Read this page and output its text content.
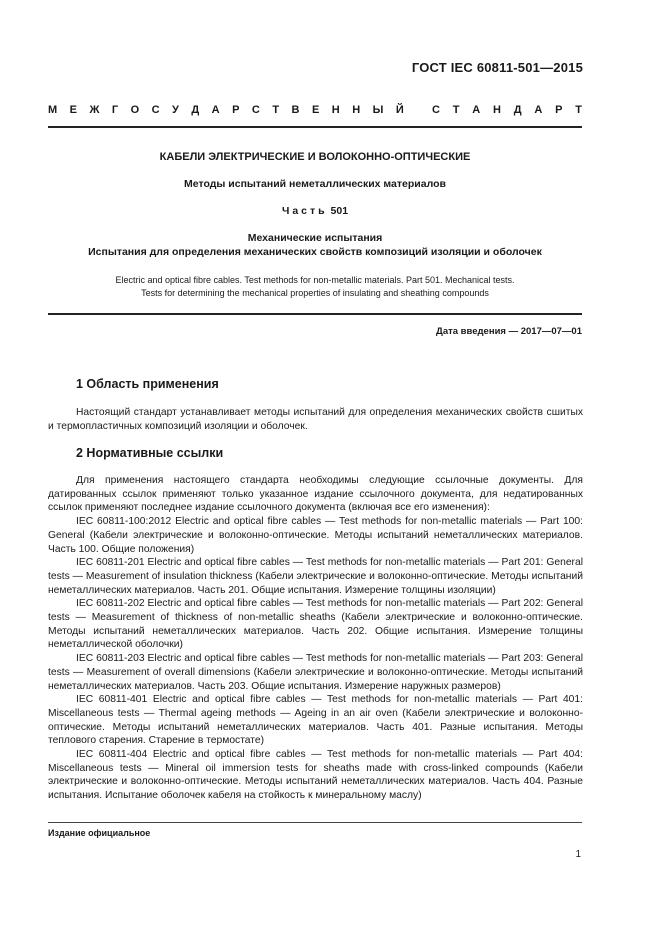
ГОСТ IEC 60811-501—2015
М Е Ж Г О С У Д А Р С Т В Е Н Н Ы Й	С Т А Н Д А Р Т
КАБЕЛИ ЭЛЕКТРИЧЕСКИЕ И ВОЛОКОННО-ОПТИЧЕСКИЕ
Методы испытаний неметаллических материалов
Часть 501
Механические испытания
Испытания для определения механических свойств композиций изоляции и оболочек
Electric and optical fibre cables. Test methods for non-metallic materials. Part 501. Mechanical tests.
Tests for determining the mechanical properties of insulating and sheathing compounds
Дата введения — 2017—07—01
1 Область применения

Настоящий стандарт устанавливает методы испытаний для определения механических свойств сшитых и термопластичных композиций изоляции и оболочек.

2 Нормативные ссылки

Для применения настоящего стандарта необходимы следующие ссылочные документы. Для датированных ссылок применяют только указанное издание ссылочного документа, для недатированных ссылок применяют последнее издание ссылочного документа (включая все его изменения):

IEC 60811-100:2012 Electric and optical fibre cables — Test methods for non-metallic materials — Part 100: General (Кабели электрические и волоконно-оптические. Методы испытаний неметаллических материалов. Часть 100. Общие положения)

IEC 60811-201 Electric and optical fibre cables — Test methods for non-metallic materials — Part 201: General tests — Measurement of insulation thickness (Кабели электрические и волоконно-оптические. Методы испытаний неметаллических материалов. Часть 201. Общие испытания. Измерение толщины изоляции)

IEC 60811-202 Electric and optical fibre cables — Test methods for non-metallic materials — Part 202: General tests — Measurement of thickness of non-metallic sheaths (Кабели электрические и волоконно-оптические. Методы испытаний неметаллических материалов. Часть 202. Общие испытания. Измерение толщины неметаллической оболочки)

IEC 60811-203 Electric and optical fibre cables — Test methods for non-metallic materials — Part 203: General tests — Measurement of overall dimensions (Кабели электрические и волоконно-оптические. Методы испытаний неметаллических материалов. Часть 203. Общие испытания. Измерение наружных размеров)

IEC 60811-401 Electric and optical fibre cables — Test methods for non-metallic materials — Part 401: Miscellaneous tests — Thermal ageing methods — Ageing in an air oven (Кабели электрические и волоконно-оптические. Методы испытаний неметаллических материалов. Часть 401. Разные испытания. Методы теплового старения. Старение в термостате)

IEC 60811-404 Electric and optical fibre cables — Test methods for non-metallic materials — Part 404: Miscellaneous tests — Mineral oil immersion tests for sheaths made with cross-linked compounds (Кабели электрические и волоконно-оптические. Методы испытаний неметаллических материалов. Часть 404. Разные испытания. Испытание оболочек кабеля на стойкость к минеральному маслу)

Издание официальное
1
